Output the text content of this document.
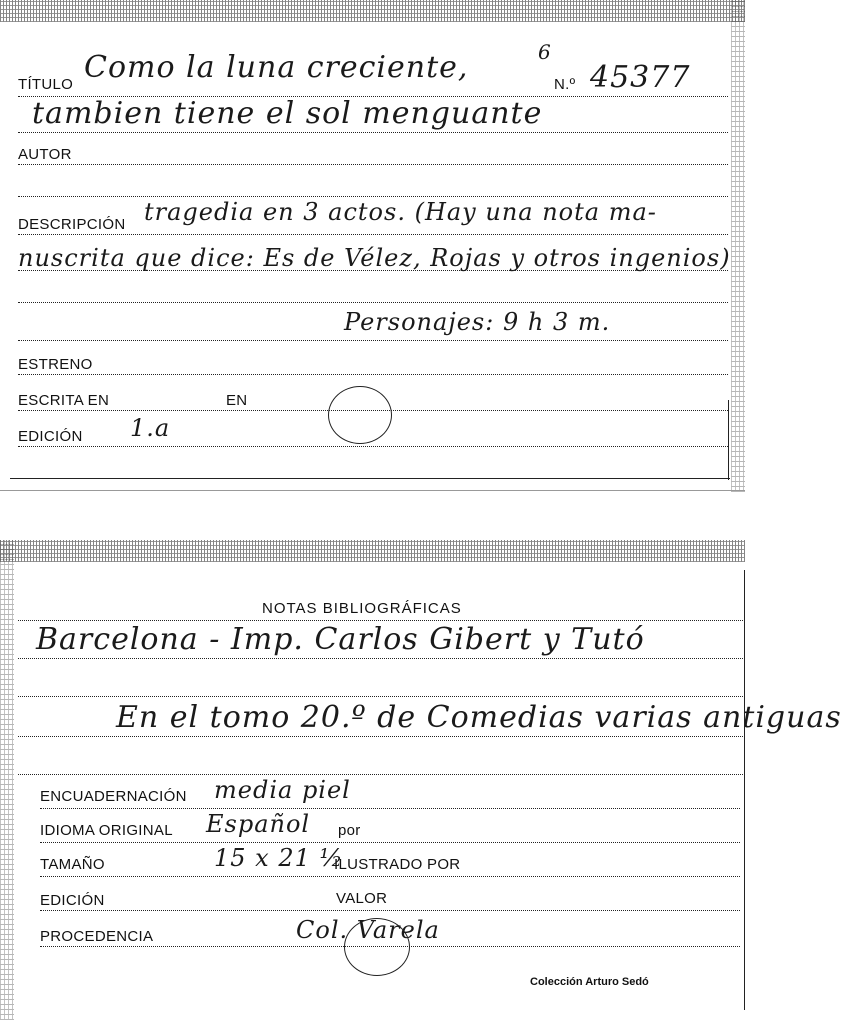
TÍTULO Como la luna creciente,	6
N.º 45377
tambien tiene el sol menguante
AUTOR
DESCRIPCIÓN tragedia en 3 actos. (Hay una nota ma-
nuscrita que dice: Es de Vélez, Rojas y otros ingenios)
Personajes: 9 h 3 m.
ESTRENO
ESCRITA EN	EN
EDICIÓN 1.a
NOTAS BIBLIOGRÁFICAS
Barcelona - Imp. Carlos Gibert y Tutó
En el tomo 20.º de Comedias varias antiguas
ENCUADERNACIÓN media piel
IDIOMA ORIGINAL Español por
TAMAÑO	15 x 21 ½
ILUSTRADO POR
EDICIÓN	VALOR
PROCEDENCIA	Col. Varela
Colección Arturo Sedó
